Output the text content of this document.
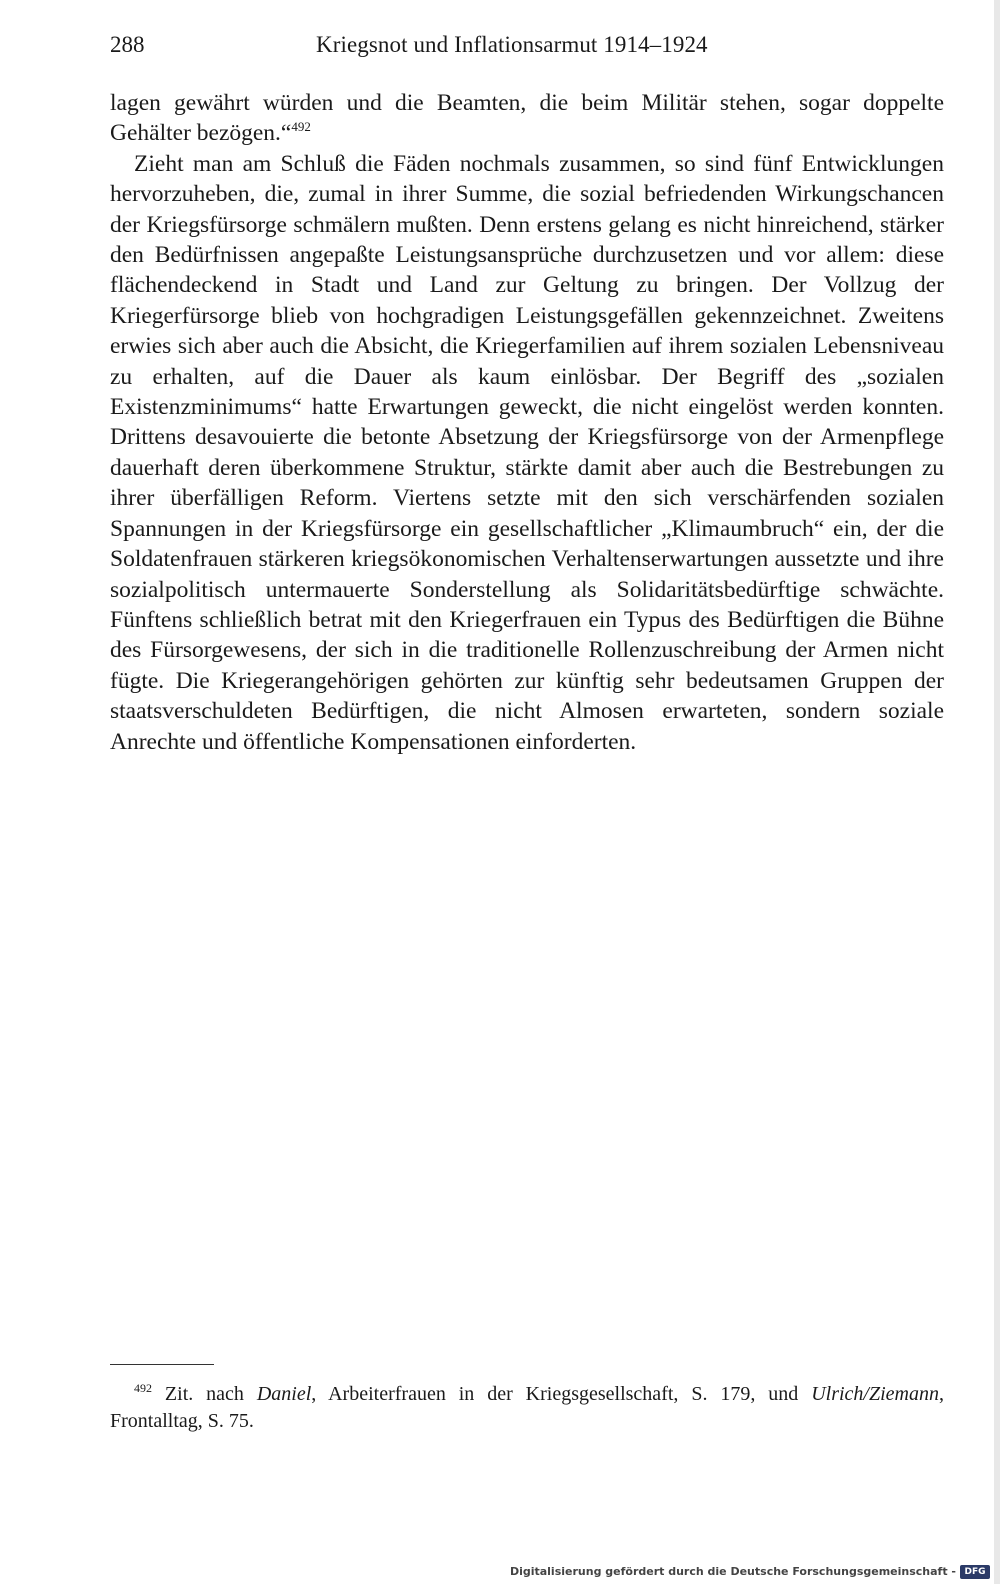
288	Kriegsnot und Inflationsarmut 1914–1924

lagen gewährt würden und die Beamten, die beim Militär stehen, sogar doppelte Gehälter bezögen.“$^{492}$

Zieht man am Schluß die Fäden nochmals zusammen, so sind fünf Entwicklungen hervorzuheben, die, zumal in ihrer Summe, die sozial befriedenden Wirkungschancen der Kriegsfürsorge schmälern mußten. Denn erstens gelang es nicht hinreichend, stärker den Bedürfnissen angepaßte Leistungsansprüche durchzusetzen und vor allem: diese flächendeckend in Stadt und Land zur Geltung zu bringen. Der Vollzug der Kriegerfürsorge blieb von hochgradigen Leistungsgefällen gekennzeichnet. Zweitens erwies sich aber auch die Absicht, die Kriegerfamilien auf ihrem sozialen Lebensniveau zu erhalten, auf die Dauer als kaum einlösbar. Der Begriff des „sozialen Existenzminimums“ hatte Erwartungen geweckt, die nicht eingelöst werden konnten. Drittens desavouierte die betonte Absetzung der Kriegsfürsorge von der Armenpflege dauerhaft deren überkommene Struktur, stärkte damit aber auch die Bestrebungen zu ihrer überfälligen Reform. Viertens setzte mit den sich verschärfenden sozialen Spannungen in der Kriegsfürsorge ein gesellschaftlicher „Klimaumbruch“ ein, der die Soldatenfrauen stärkeren kriegsökonomischen Verhaltenserwartungen aussetzte und ihre sozialpolitisch untermauerte Sonderstellung als Solidaritätsbedürftige schwächte. Fünftens schließlich betrat mit den Kriegerfrauen ein Typus des Bedürftigen die Bühne des Fürsorgewesens, der sich in die traditionelle Rollenzuschreibung der Armen nicht fügte. Die Kriegerangehörigen gehörten zur künftig sehr bedeutsamen Gruppen der staatsverschuldeten Bedürftigen, die nicht Almosen erwarteten, sondern soziale Anrechte und öffentliche Kompensationen einforderten.

$^{492}$ Zit. nach Daniel, Arbeiterfrauen in der Kriegsgesellschaft, S. 179, und Ulrich/Ziemann, Frontalltag, S. 75.

Digitalisierung gefördert durch die Deutsche Forschungsgemeinschaft - DFG
